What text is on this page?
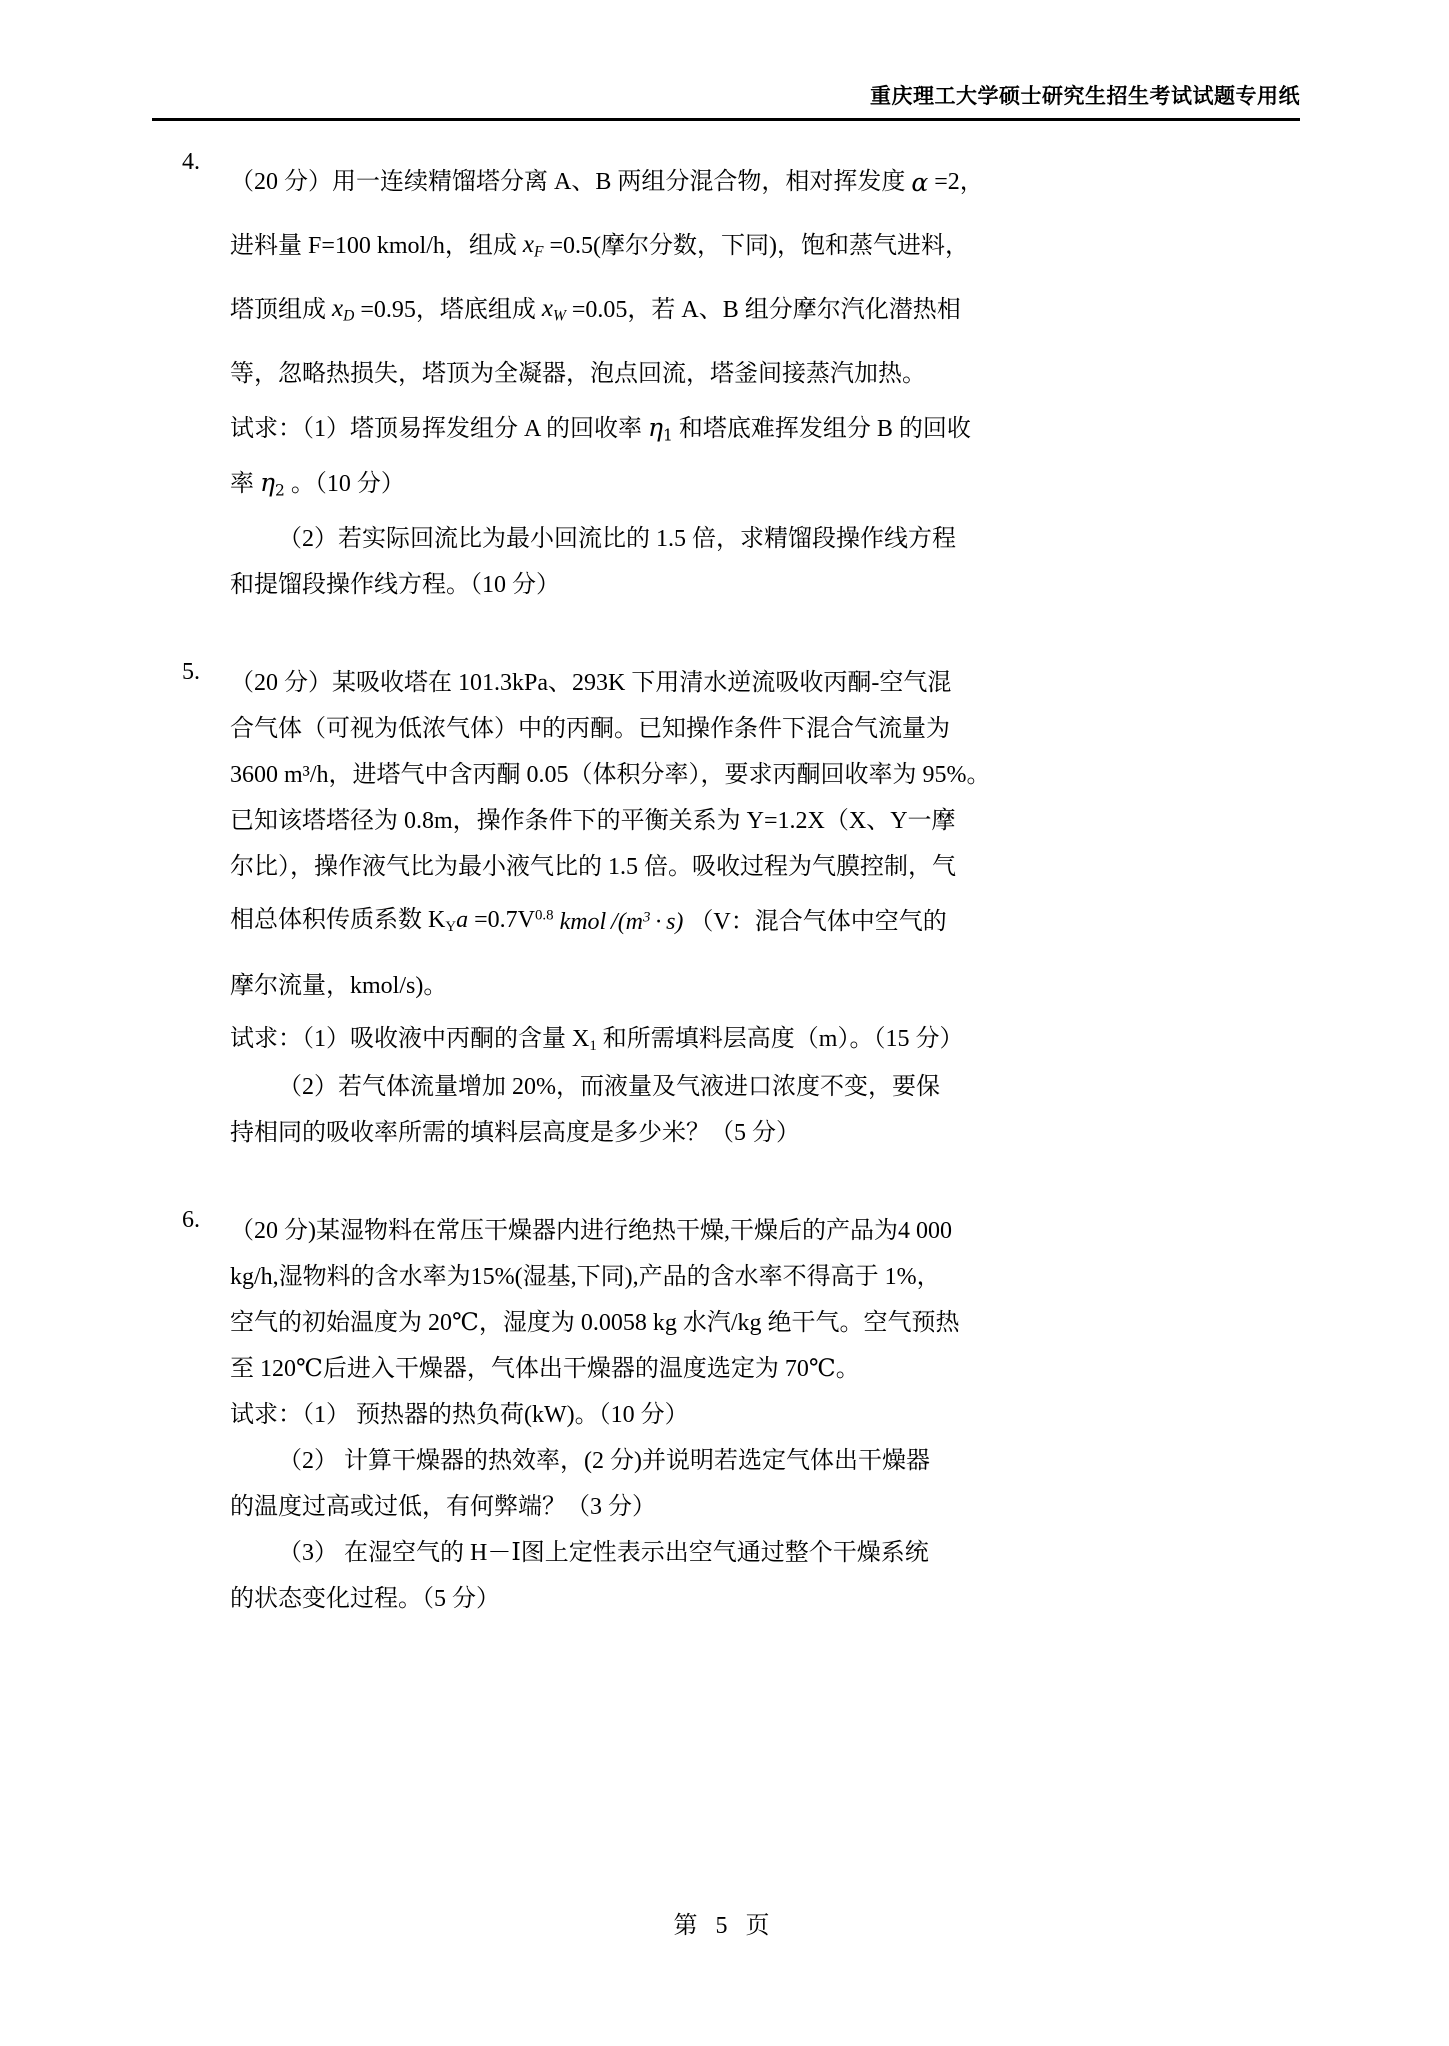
重庆理工大学硕士研究生招生考试试题专用纸
4.
（20 分）用一连续精馏塔分离 A、B 两组分混合物，相对挥发度 α =2，
进料量 F=100 kmol/h，组成 $x_F =0.5$(摩尔分数，下同)，饱和蒸气进料，
塔顶组成 $x_D =0.95$，塔底组成 $x_W =0.05$，若 A、B 组分摩尔汽化潜热相
等，忽略热损失，塔顶为全凝器，泡点回流，塔釜间接蒸汽加热。
试求：（1）塔顶易挥发组分 A 的回收率 $\eta_1$ 和塔底难挥发组分 B 的回收
率 $\eta_2$ 。（10 分）
（2）若实际回流比为最小回流比的 1.5 倍，求精馏段操作线方程
和提馏段操作线方程。（10 分）
5.	（20 分）某吸收塔在 101.3kPa、293K 下用清水逆流吸收丙酮-空气混
合气体（可视为低浓气体）中的丙酮。已知操作条件下混合气流量为
3600 m³/h，进塔气中含丙酮 0.05（体积分率），要求丙酮回收率为 95%。
已知该塔塔径为 0.8m，操作条件下的平衡关系为 Y=1.2X（X、Y一摩
尔比），操作液气比为最小液气比的 1.5 倍。吸收过程为气膜控制，气
相总体积传质系数 $K_Ya =0.7V^{0.8}$ kmol $/(m^3 \cdot s)$ （V：混合气体中空气的
摩尔流量，kmol/s)。
试求：（1）吸收液中丙酮的含量 $X_1$ 和所需填料层高度（m）。（15 分）
（2）若气体流量增加 20%，而液量及气液进口浓度不变，要保
持相同的吸收率所需的填料层高度是多少米？（5 分）
6.	（20 分)某湿物料在常压干燥器内进行绝热干燥,干燥后的产品为4 000
kg/h,湿物料的含水率为15%(湿基,下同),产品的含水率不得高于 1%，
空气的初始温度为 20℃，湿度为 0.0058 kg 水汽/kg 绝干气。空气预热
至 120℃后进入干燥器，气体出干燥器的温度选定为 70℃。
试求：（1） 预热器的热负荷(kW)。（10 分）
（2） 计算干燥器的热效率，(2 分)并说明若选定气体出干燥器
的温度过高或过低，有何弊端？（3 分）
（3） 在湿空气的 H－Ⅰ图上定性表示出空气通过整个干燥系统
的状态变化过程。（5 分）
第 5 页
